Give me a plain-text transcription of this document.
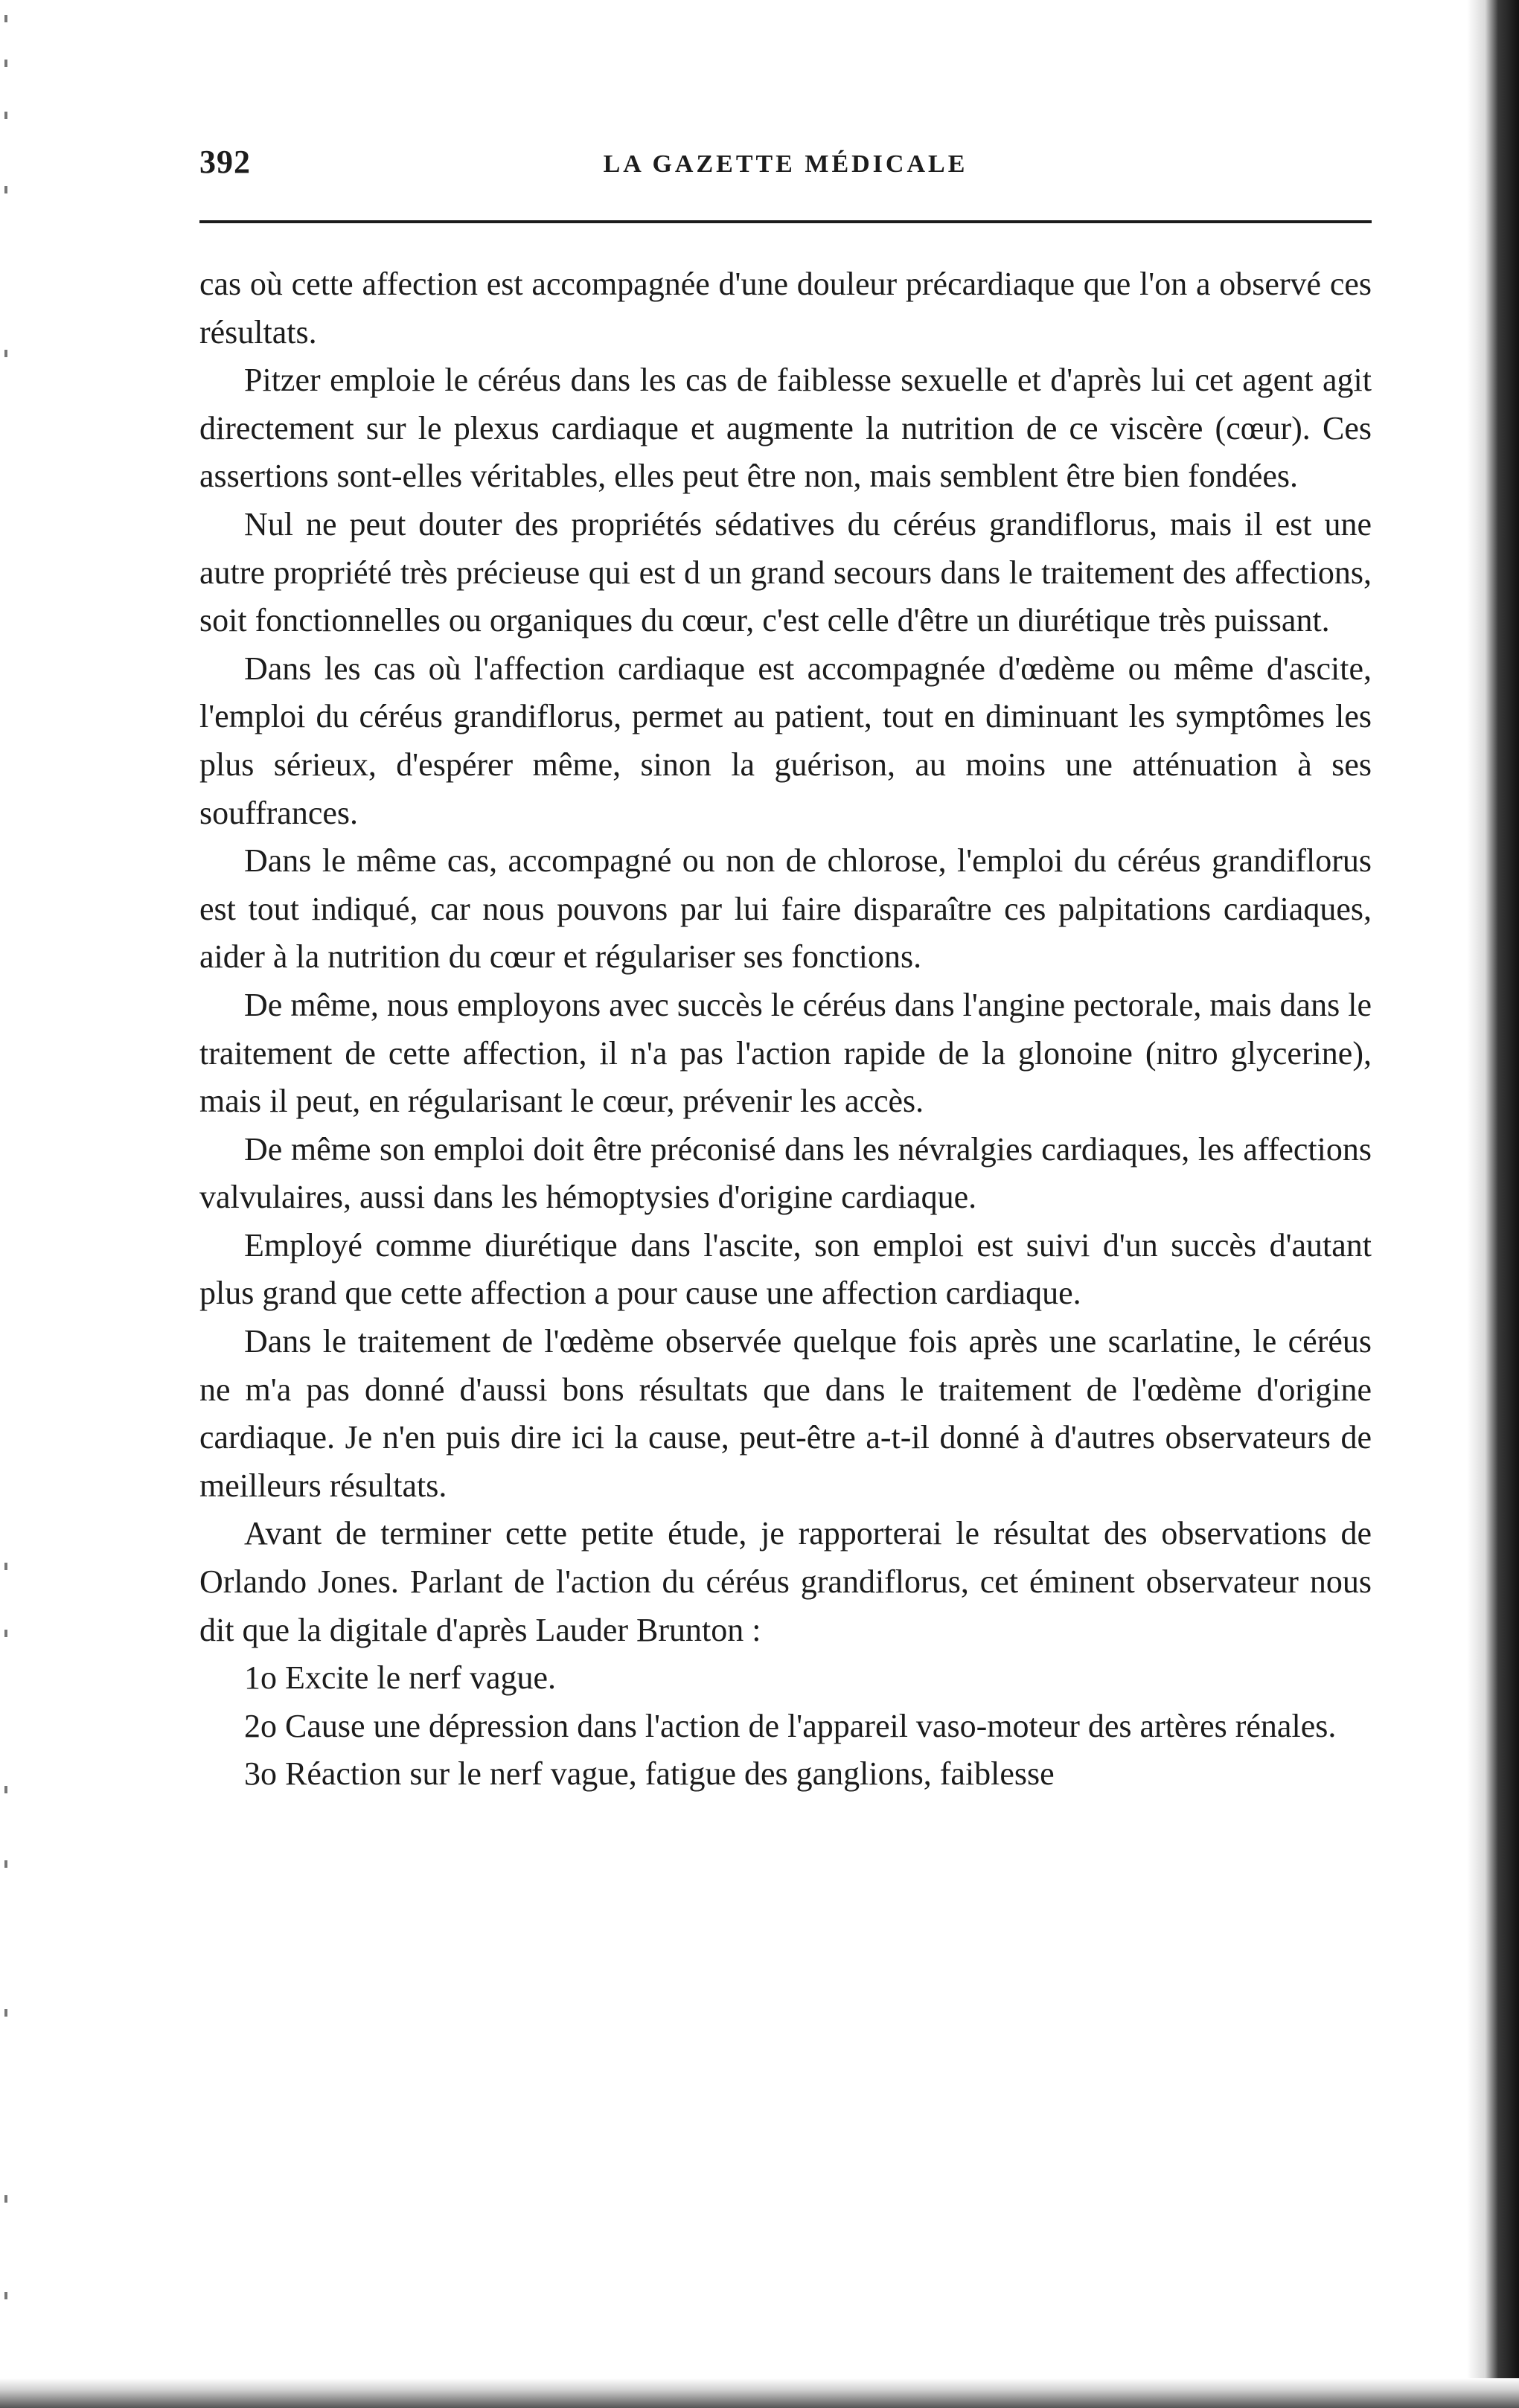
392	LA GAZETTE MÉDICALE

cas où cette affection est accompagnée d'une douleur précardiaque que l'on a observé ces résultats.

Pitzer emploie le céréus dans les cas de faiblesse sexuelle et d'après lui cet agent agit directement sur le plexus cardiaque et augmente la nutrition de ce viscère (cœur). Ces assertions sont-elles véritables, elles peut être non, mais semblent être bien fondées.

Nul ne peut douter des propriétés sédatives du céréus grandiflorus, mais il est une autre propriété très précieuse qui est d un grand secours dans le traitement des affections, soit fonctionnelles ou organiques du cœur, c'est celle d'être un diurétique très puissant.

Dans les cas où l'affection cardiaque est accompagnée d'œdème ou même d'ascite, l'emploi du céréus grandiflorus, permet au patient, tout en diminuant les symptômes les plus sérieux, d'espérer même, sinon la guérison, au moins une atténuation à ses souffrances.

Dans le même cas, accompagné ou non de chlorose, l'emploi du céréus grandiflorus est tout indiqué, car nous pouvons par lui faire disparaître ces palpitations cardiaques, aider à la nutrition du cœur et régulariser ses fonctions.

De même, nous employons avec succès le céréus dans l'angine pectorale, mais dans le traitement de cette affection, il n'a pas l'action rapide de la glonoine (nitro glycerine), mais il peut, en régularisant le cœur, prévenir les accès.

De même son emploi doit être préconisé dans les névralgies cardiaques, les affections valvulaires, aussi dans les hémoptysies d'origine cardiaque.

Employé comme diurétique dans l'ascite, son emploi est suivi d'un succès d'autant plus grand que cette affection a pour cause une affection cardiaque.

Dans le traitement de l'œdème observée quelque fois après une scarlatine, le céréus ne m'a pas donné d'aussi bons résultats que dans le traitement de l'œdème d'origine cardiaque. Je n'en puis dire ici la cause, peut-être a-t-il donné à d'autres observateurs de meilleurs résultats.

Avant de terminer cette petite étude, je rapporterai le résultat des observations de Orlando Jones. Parlant de l'action du céréus grandiflorus, cet éminent observateur nous dit que la digitale d'après Lauder Brunton :

1o Excite le nerf vague.

2o Cause une dépression dans l'action de l'appareil vaso-moteur des artères rénales.

3o Réaction sur le nerf vague, fatigue des ganglions, faiblesse
